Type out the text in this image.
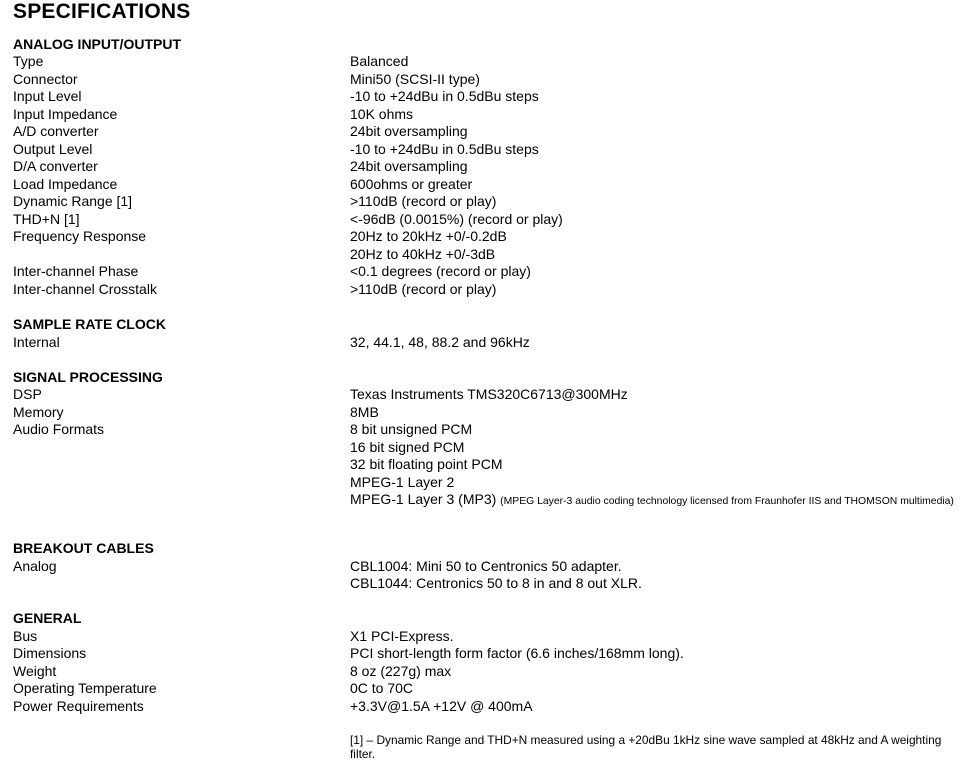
SPECIFICATIONS
ANALOG INPUT/OUTPUT
Type	Balanced
Connector	Mini50 (SCSI-II type)
Input Level	-10 to +24dBu in 0.5dBu steps
Input Impedance	10K ohms
A/D converter	24bit oversampling
Output Level	-10 to +24dBu in 0.5dBu steps
D/A converter	24bit oversampling
Load Impedance	600ohms or greater
Dynamic Range [1]	>110dB (record or play)
THD+N [1]	<-96dB (0.0015%) (record or play)
Frequency Response	20Hz to 20kHz +0/-0.2dB
20Hz to 40kHz +0/-3dB
Inter-channel Phase	<0.1 degrees (record or play)
Inter-channel Crosstalk	>110dB (record or play)
SAMPLE RATE CLOCK
Internal	32, 44.1, 48, 88.2 and 96kHz
SIGNAL PROCESSING
DSP	Texas Instruments TMS320C6713@300MHz
Memory	8MB
Audio Formats	8 bit unsigned PCM
16 bit signed PCM
32 bit floating point PCM
MPEG-1 Layer 2
MPEG-1 Layer 3 (MP3) (MPEG Layer-3 audio coding technology licensed from Fraunhofer IIS and THOMSON multimedia)
BREAKOUT CABLES
Analog	CBL1004: Mini 50 to Centronics 50 adapter.
CBL1044: Centronics 50 to 8 in and 8 out XLR.
GENERAL
Bus	X1 PCI-Express.
Dimensions	PCI short-length form factor (6.6 inches/168mm long).
Weight	8 oz (227g) max
Operating Temperature	0C to 70C
Power Requirements	+3.3V@1.5A +12V @ 400mA
[1] – Dynamic Range and THD+N measured using a +20dBu 1kHz sine wave sampled at 48kHz and A weighting filter.
